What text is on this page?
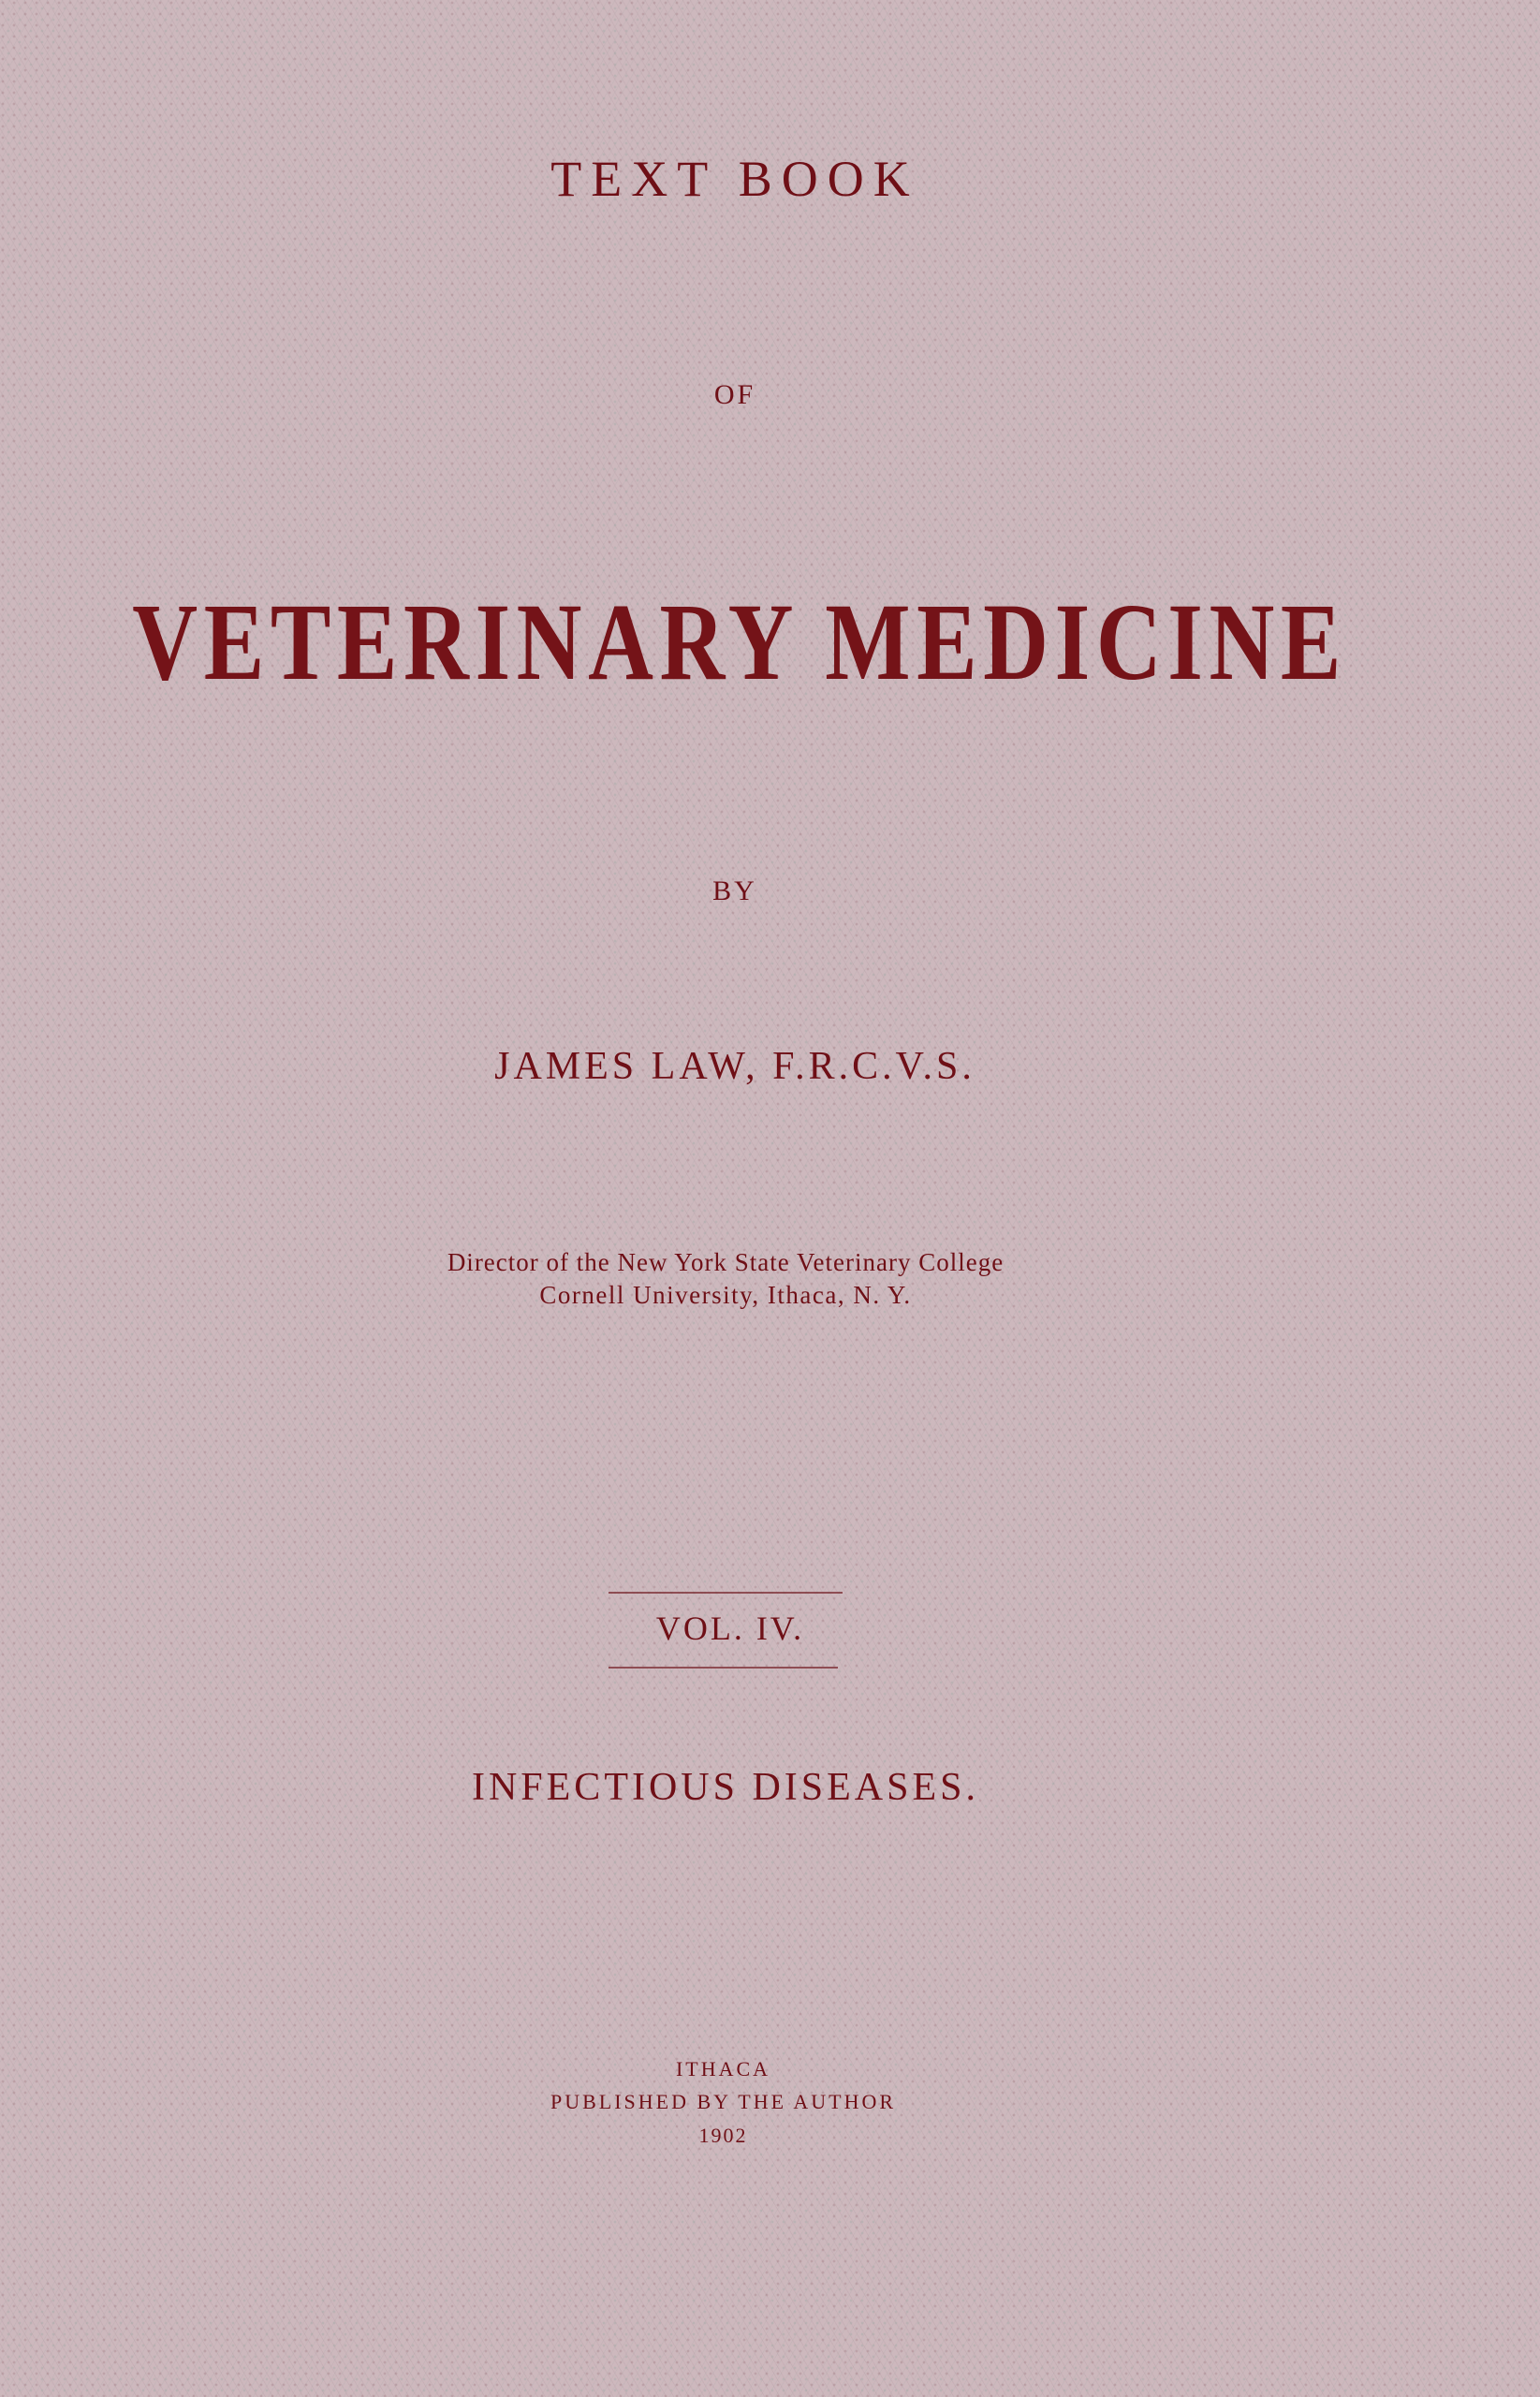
TEXT BOOK
OF
VETERINARY MEDICINE
BY
JAMES LAW, F.R.C.V.S.
Director of the New York State Veterinary College
Cornell University, Ithaca, N. Y.
VOL. IV.
INFECTIOUS DISEASES.
ITHACA
PUBLISHED BY THE AUTHOR
1902
